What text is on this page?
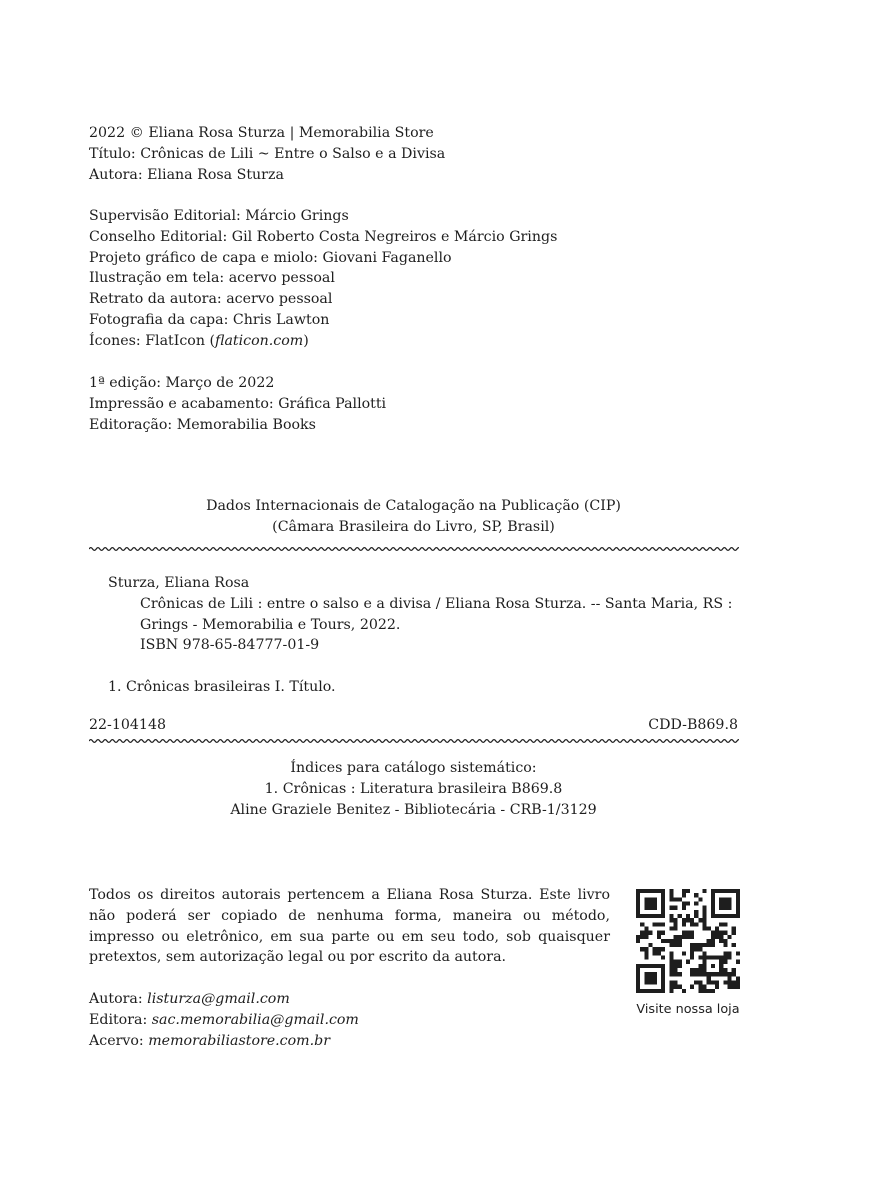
2022 © Eliana Rosa Sturza | Memorabilia Store
Título: Crônicas de Lili ~ Entre o Salso e a Divisa
Autora: Eliana Rosa Sturza
Supervisão Editorial: Márcio Grings
Conselho Editorial: Gil Roberto Costa Negreiros e Márcio Grings
Projeto gráfico de capa e miolo: Giovani Faganello
Ilustração em tela: acervo pessoal
Retrato da autora: acervo pessoal
Fotografia da capa: Chris Lawton
Ícones: FlatIcon (flaticon.com)
1ª edição: Março de 2022
Impressão e acabamento: Gráfica Pallotti
Editoração: Memorabilia Books
Dados Internacionais de Catalogação na Publicação (CIP)
(Câmara Brasileira do Livro, SP, Brasil)
Sturza, Eliana Rosa
Crônicas de Lili : entre o salso e a divisa / Eliana Rosa Sturza. -- Santa Maria, RS :
Grings - Memorabilia e Tours, 2022.
ISBN 978-65-84777-01-9
1. Crônicas brasileiras I. Título.
22-104148	CDD-B869.8
Índices para catálogo sistemático:
1. Crônicas : Literatura brasileira B869.8
Aline Graziele Benitez - Bibliotecária - CRB-1/3129
Todos os direitos autorais pertencem a Eliana Rosa Sturza. Este livro não poderá ser copiado de nenhuma forma, maneira ou método, impresso ou eletrônico, em sua parte ou em seu todo, sob quaisquer pretextos, sem autorização legal ou por escrito da autora.
Autora: listurza@gmail.com
Editora: sac.memorabilia@gmail.com
Acervo: memorabiliastore.com.br
Visite nossa loja
